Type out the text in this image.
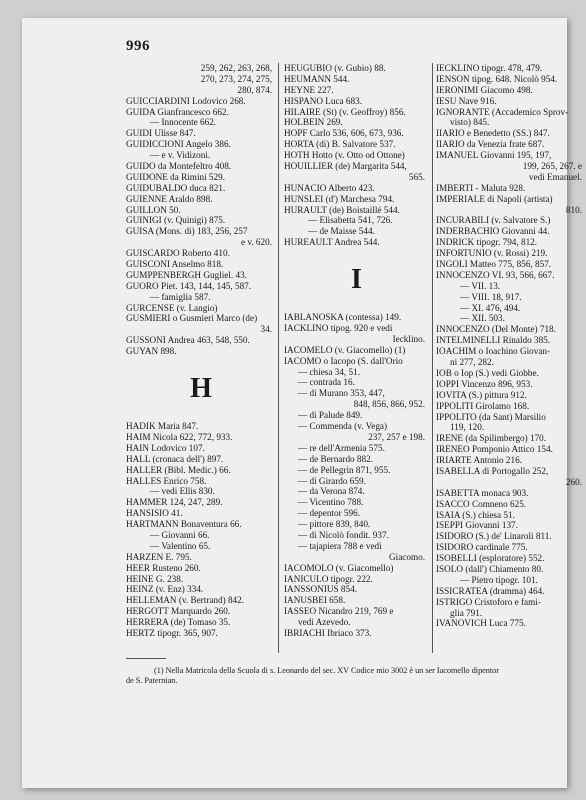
996
259, 262, 263, 268,
270, 273, 274, 275,
280, 874.
GUICCIARDINI Lodovico 268.
GUIDA Gianfrancesco 662.
— Innocente 662.
GUIDI Ulisse 847.
GUIDICCIONI Angelo 386.
— e v. Vidizoni.
GUIDO da Montefeltro 408.
GUIDONE da Rimini 529.
GUIDUBALDO duca 821.
GUIENNE Araldo 898.
GUILLON 50.
GUINIGI (v. Quinigi) 875.
GUISA (Mons. di) 183, 256, 257
e v. 620.
GUISCARDO Roberto 410.
GUISCONI Anselmo 818.
GUMPPENBERGH Gugliel. 43.
GUORO Piet. 143, 144, 145, 587.
— famiglia 587.
GURCENSE (v. Langio)
GUSMIERI o Gusmieri Marco (de)
34.
GUSSONI Andrea 463, 548, 550.
GUYAN 898.
H
HADIK Maria 847.
HAIM Nicola 622, 772, 933.
HAIN Lodovico 107.
HALL (cronaca dell') 897.
HALLER (Bibl. Medic.) 66.
HALLES Enrico 758.
— vedi Ellis 830.
HAMMER 124, 247, 289.
HANSISIO 41.
HARTMANN Bonaventura 66.
— Giovanni 66.
— Valentino 65.
HARZEN E. 795.
HEER Rusteno 260.
HEINE G. 238.
HEINZ (v. Enz) 334.
HELLEMAN (v. Bertrand) 842.
HERGOTT Marquardo 260.
HERRERA (de) Tomaso 35.
HERTZ tipogr. 365, 907.
HEUGUBIO (v. Gubio) 88.
HEUMANN 544.
HEYNE 227.
HISPANO Luca 683.
HILAIRE (St) (v. Geoffroy) 856.
HOLBEIN 269.
HOPF Carlo 536, 606, 673, 936.
HORTA (di) B. Salvatore 537.
HOTH Hotto (v. Otto od Ottone)
HOUILLIER (de) Margarita 544,
565.
HUNACIO Alberto 423.
HUNSLEI (d') Marchesa 794.
HURAULT (de) Boistaillé 544.
— Elisabetta 541, 726.
— de Maisse 544.
HUREAULT Andrea 544.
I
IABLANOSKA (contessa) 149.
IACKLINO tipog. 920 e vedi
Iecklino.
IACOMELO (v. Giacomello) (1)
IACOMO o Iacopo (S. dall'Orio
— chiesa 34, 51.
— contrada 16.
— di Murano 353, 447,
848, 856, 866, 952.
— di Palude 849.
— Commenda (v. Vega)
237, 257 e 198.
— re dell'Armenia 575.
— de Bernardo 882.
— de Pellegrin 871, 955.
— di Girardo 659.
— da Verona 874.
— Vicentino 788.
— depentor 596.
— pittore 839, 840.
— di Nicolò fondit. 937.
— tajapiera 788 e vedi
Giacomo.
IACOMOLO (v. Giacomello)
IANICULO tipogr. 222.
IANSSONIUS 854.
IANUSBEI 658.
IASSEO Nicandro 219, 769 e
vedi Azevedo.
IBRIACHI Ibriaco 373.
IECKLINO tipogr. 478, 479.
IENSON tipog. 648. Nicolò 954.
IERONIMI Giacomo 498.
IESU Nave 916.
IGNORANTE (Accademico Sprov-
visto) 845.
IIARIO e Benedetto (SS.) 847.
IIARIO da Venezia frate 687.
IMANUEL Giovanni 195, 197,
199, 265, 267. e
vedi Emanuel.
IMBERTI - Maluta 928.
IMPERIALE di Napoli (artista)
810.
INCURABILI (v. Salvatore S.)
INDERBACHIO Giovanni 44.
INDRICK tipogr. 794, 812.
INFORTUNIO (v. Rossi) 219.
INGOLI Matteo 775, 856, 857.
INNOCENZO VI. 93, 566, 667.
— VII. 13.
— VIII. 18, 917.
— XI. 476, 494.
— XII. 503.
INNOCENZO (Del Monte) 718.
INTELMINELLI Rinaldo 385.
IOACHIM o Ioachino Giovan-
ni 277, 282.
IOB o Iop (S.) vedi Giobbe.
IOPPI Vincenzo 896, 953.
IOVITA (S.) pittura 912.
IPPOLITI Girolamo 168.
IPPOLITO (da Sant) Marsilio
119, 120.
IRENE (da Spilimbergo) 170.
IRENEO Pomponio Attico 154.
IRIARTE Antonio 216.
ISABELLA di Portogallo 252,
260.
ISABETTA monaca 903.
ISACCO Comneno 625.
ISAIA (S.) chiesa 51.
ISEPPI Giovanni 137.
ISIDORO (S.) de' Linaroli 811.
ISIDORO cardinale 775.
ISOBELLI (esploratore) 552.
ISOLO (dall') Chiamento 80.
— Pietro tipogr. 101.
ISSICRATEA (dramma) 464.
ISTRIGO Cristoforo e fami-
glia 791.
IVANOVICH Luca 775.
(1) Nella Matricola della Scuola di s. Leonardo del sec. XV Codice mio 3002 è un ser Iacomello dipentor
de S. Paternian.
